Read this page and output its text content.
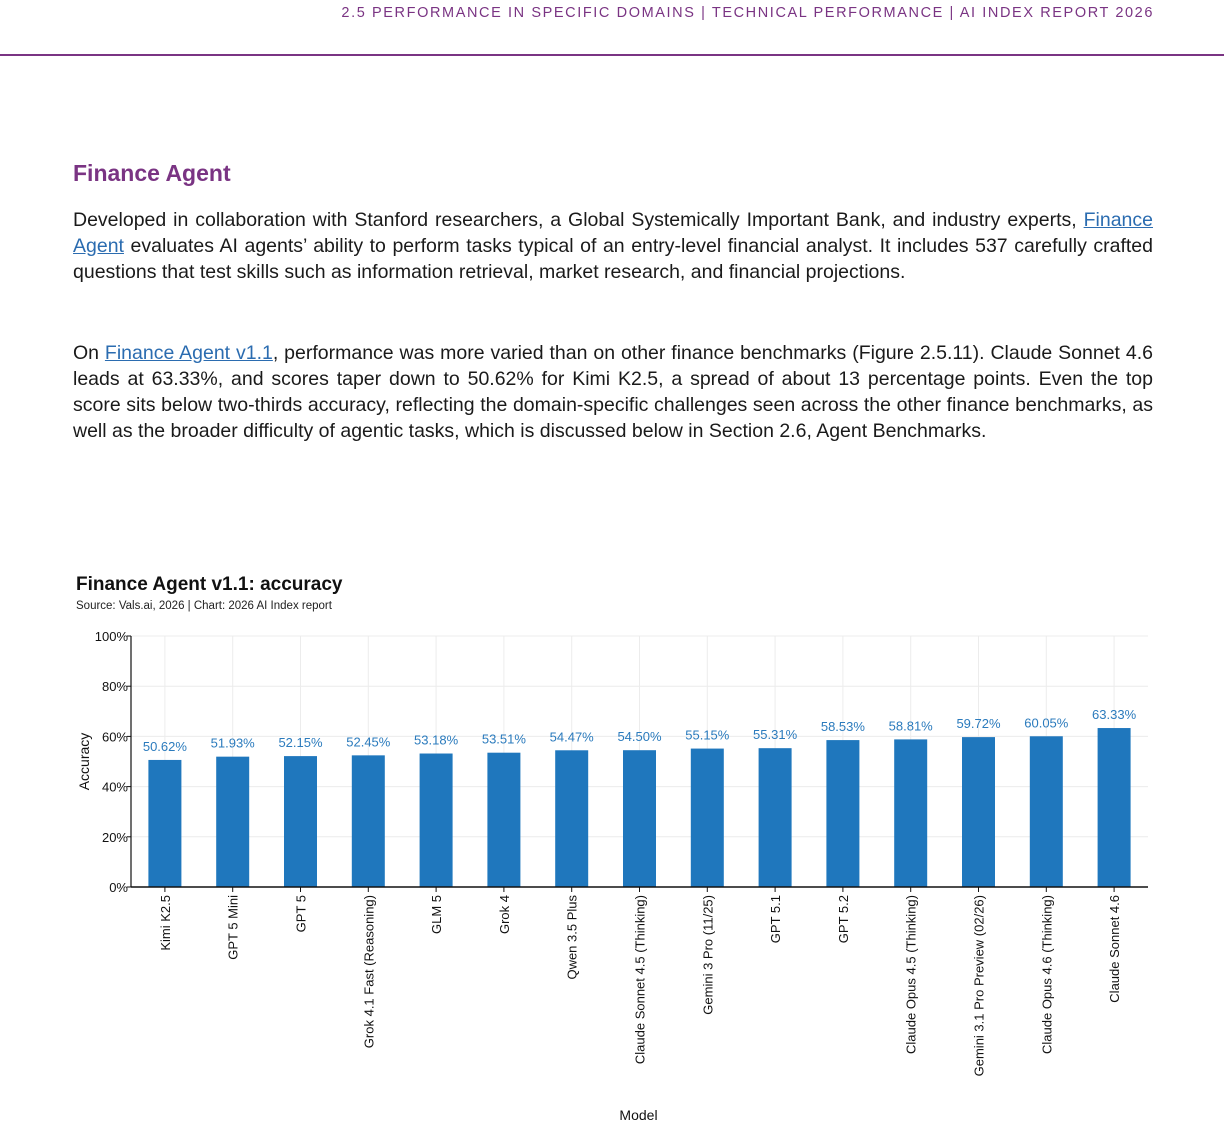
2.5 PERFORMANCE IN SPECIFIC DOMAINS | TECHNICAL PERFORMANCE | AI INDEX REPORT 2026
Finance Agent
Developed in collaboration with Stanford researchers, a Global Systemically Important Bank, and industry experts, Finance Agent evaluates AI agents’ ability to perform tasks typical of an entry-level financial analyst. It includes 537 carefully crafted questions that test skills such as information retrieval, market research, and financial projections.
On Finance Agent v1.1, performance was more varied than on other finance benchmarks (Figure 2.5.11). Claude Sonnet 4.6 leads at 63.33%, and scores taper down to 50.62% for Kimi K2.5, a spread of about 13 percentage points. Even the top score sits below two-thirds accuracy, reflecting the domain-specific challenges seen across the other finance benchmarks, as well as the broader difficulty of agentic tasks, which is discussed below in Section 2.6, Agent Benchmarks.
Finance Agent v1.1: accuracy
Source: Vals.ai, 2026 | Chart: 2026 AI Index report
0%
20%
40%
60%
80%
100%
50.62%
Kimi K2.5
51.93%
GPT 5 Mini
52.15%
GPT 5
52.45%
Grok 4.1 Fast (Reasoning)
53.18%
GLM 5
53.51%
Grok 4
54.47%
Qwen 3.5 Plus
54.50%
Claude Sonnet 4.5 (Thinking)
55.15%
Gemini 3 Pro (11/25)
55.31%
GPT 5.1
58.53%
GPT 5.2
58.81%
Claude Opus 4.5 (Thinking)
59.72%
Gemini 3.1 Pro Preview (02/26)
60.05%
Claude Opus 4.6 (Thinking)
63.33%
Claude Sonnet 4.6
Accuracy
Model
